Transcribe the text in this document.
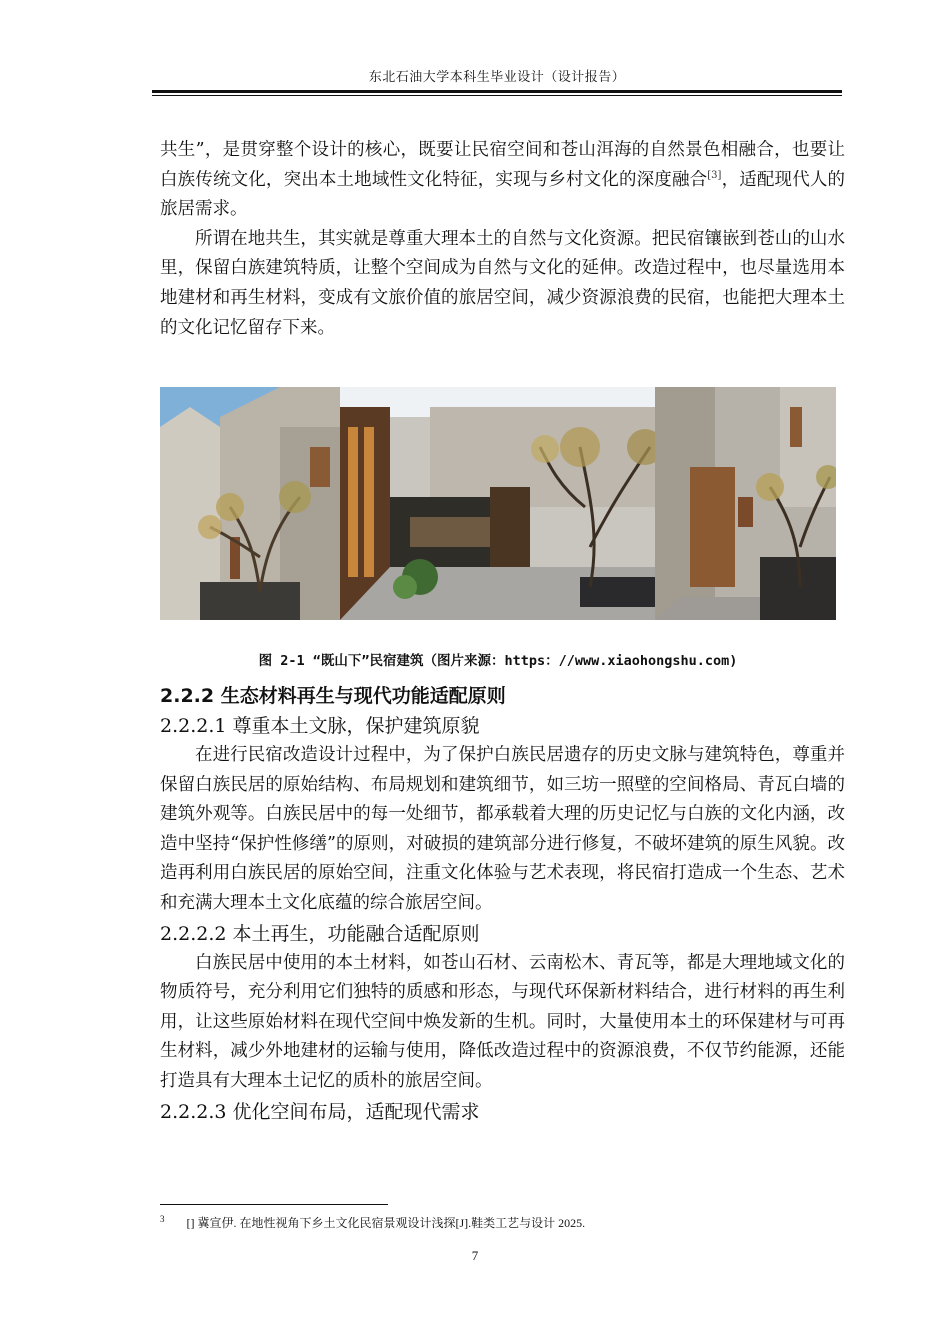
东北石油大学本科生毕业设计（设计报告）

共生”，是贯穿整个设计的核心，既要让民宿空间和苍山洱海的自然景色相融合，也要让白族传统文化，突出本土地域性文化特征，实现与乡村文化的深度融合[3]，适配现代人的旅居需求。

所谓在地共生，其实就是尊重大理本土的自然与文化资源。把民宿镶嵌到苍山的山水里，保留白族建筑特质，让整个空间成为自然与文化的延伸。改造过程中，也尽量选用本地建材和再生材料，变成有文旅价值的旅居空间，减少资源浪费的民宿，也能把大理本土的文化记忆留存下来。

图 2-1 “既山下”民宿建筑（图片来源：https：//www.xiaohongshu.com)
2.2.2 生态材料再生与现代功能适配原则
2.2.2.1 尊重本土文脉，保护建筑原貌

在进行民宿改造设计过程中，为了保护白族民居遗存的历史文脉与建筑特色，尊重并保留白族民居的原始结构、布局规划和建筑细节，如三坊一照壁的空间格局、青瓦白墙的建筑外观等。白族民居中的每一处细节，都承载着大理的历史记忆与白族的文化内涵，改造中坚持“保护性修缮”的原则，对破损的建筑部分进行修复，不破坏建筑的原生风貌。改造再利用白族民居的原始空间，注重文化体验与艺术表现，将民宿打造成一个生态、艺术和充满大理本土文化底蕴的综合旅居空间。

2.2.2.2 本土再生，功能融合适配原则

白族民居中使用的本土材料，如苍山石材、云南松木、青瓦等，都是大理地域文化的物质符号，充分利用它们独特的质感和形态，与现代环保新材料结合，进行材料的再生利用，让这些原始材料在现代空间中焕发新的生机。同时，大量使用本土的环保建材与可再生材料，减少外地建材的运输与使用，降低改造过程中的资源浪费，不仅节约能源，还能打造具有大理本土记忆的质朴的旅居空间。

2.2.2.3 优化空间布局，适配现代需求
$^3$ [] 冀宣伊. 在地性视角下乡土文化民宿景观设计浅探[J].鞋类工艺与设计 2025.
7
